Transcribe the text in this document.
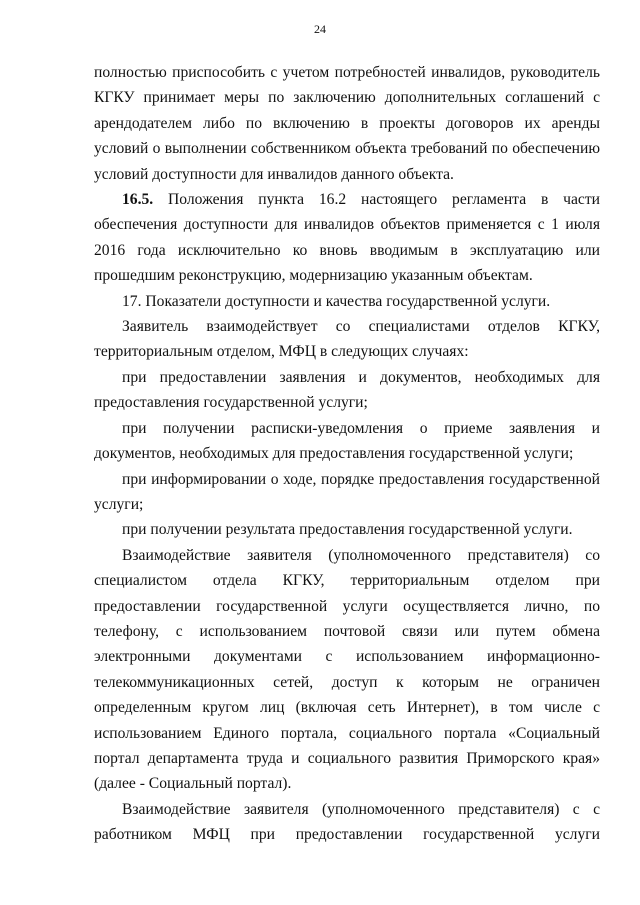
24

полностью приспособить с учетом потребностей инвалидов, руководитель КГКУ принимает меры по заключению дополнительных соглашений с арендодателем либо по включению в проекты договоров их аренды условий о выполнении собственником объекта требований по обеспечению условий доступности для инвалидов данного объекта.

16.5. Положения пункта 16.2 настоящего регламента в части обеспечения доступности для инвалидов объектов применяется с 1 июля 2016 года исключительно ко вновь вводимым в эксплуатацию или прошедшим реконструкцию, модернизацию указанным объектам.

17. Показатели доступности и качества государственной услуги.

Заявитель взаимодействует со специалистами отделов КГКУ, территориальным отделом, МФЦ в следующих случаях:

при предоставлении заявления и документов, необходимых для предоставления государственной услуги;

при получении расписки-уведомления о приеме заявления и документов, необходимых для предоставления государственной услуги;

при информировании о ходе, порядке предоставления государственной услуги;

при получении результата предоставления государственной услуги.

Взаимодействие заявителя (уполномоченного представителя) со специалистом отдела КГКУ, территориальным отделом при предоставлении государственной услуги осуществляется лично, по телефону, с использованием почтовой связи или путем обмена электронными документами с использованием информационно-телекоммуникационных сетей, доступ к которым не ограничен определенным кругом лиц (включая сеть Интернет), в том числе с использованием Единого портала, социального портала «Социальный портал департамента труда и социального развития Приморского края» (далее - Социальный портал).

Взаимодействие заявителя (уполномоченного представителя) с с работником МФЦ при предоставлении государственной услуги
